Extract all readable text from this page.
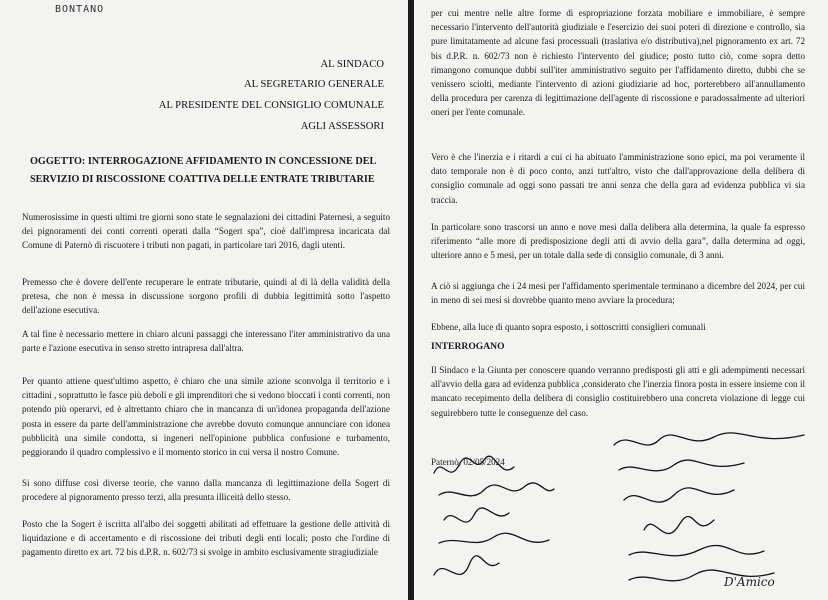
BONTANO
AL SINDACO
AL SEGRETARIO GENERALE
AL PRESIDENTE DEL CONSIGLIO COMUNALE
AGLI ASSESSORI
OGGETTO: INTERROGAZIONE AFFIDAMENTO IN CONCESSIONE DEL SERVIZIO DI RISCOSSIONE COATTIVA DELLE ENTRATE TRIBUTARIE

Numerosissime in questi ultimi tre giorni sono state le segnalazioni dei cittadini Paternesi, a seguito dei pignoramenti dei conti correnti operati dalla “Sogert spa”, cioè dall'impresa incaricata dal Comune di Paternò di riscuotere i tributi non pagati, in particolare tari 2016, dagli utenti.

Premesso che è dovere dell'ente recuperare le entrate tributarie, quindi al di là della validità della pretesa, che non è messa in discussione sorgono profili di dubbia legittimità sotto l'aspetto dell'azione esecutiva.

A tal fine è necessario mettere in chiaro alcuni passaggi che interessano l'iter amministrativo da una parte e l'azione esecutiva in senso stretto intrapresa dall'altra.

Per quanto attiene quest'ultimo aspetto, è chiaro che una simile azione sconvolga il territorio e i cittadini , soprattutto le fasce più deboli e gli imprenditori che si vedono bloccati i conti correnti, non potendo più operarvi, ed è altrettanto chiaro che in mancanza di un'idonea propaganda dell'azione posta in essere da parte dell'amministrazione che avrebbe dovuto comunque annunciare con idonea pubblicità una simile condotta, si ingeneri nell'opinione pubblica confusione e turbamento, peggiorando il quadro complessivo e il momento storico in cui versa il nostro Comune.

Si sono diffuse così diverse teorie, che vanno dalla mancanza di legittimazione della Sogert di procedere al pignoramento presso terzi, alla presunta illiceità dello stesso.

Posto che la Sogert è iscritta all'albo dei soggetti abilitati ad effettuare la gestione delle attività di liquidazione e di accertamento e di riscossione dei tributi degli enti locali; posto che l'ordine di pagamento diretto ex art. 72 bis d.P.R. n. 602/73 si svolge in ambito esclusivamente stragiudiziale

per cui mentre nelle altre forme di espropriazione forzata mobiliare e immobiliare, è sempre necessario l'intervento dell'autorità giudiziale e l'esercizio dei suoi poteri di direzione e controllo, sia pure limitatamente ad alcune fasi processuali (traslativa e/o distributiva),nel pignoramento ex art. 72 bis d.P.R. n. 602/73 non è richiesto l'intervento del giudice; posto tutto ciò, come sopra detto rimangono comunque dubbi sull'iter amministrativo seguito per l'affidamento diretto, dubbi che se venissero sciolti, mediante l'intervento di azioni giudiziarie ad hoc, porterebbero all'annullamento della procedura per carenza di legittimazione dell'agente di riscossione e paradossalmente ad ulteriori oneri per l'ente comunale.

Vero è che l'inerzia e i ritardi a cui ci ha abituato l'amministrazione sono epici, ma poi veramente il dato temporale non è di poco conto, anzi tutt'altro, visto che dall'approvazione della delibera di consiglio comunale ad oggi sono passati tre anni senza che della gara ad evidenza pubblica vi sia traccia.

In particolare sono trascorsi un anno e nove mesi dalla delibera alla determina, la quale fa espresso riferimento “alle more di predisposizione degli atti di avvio della gara”, dalla determina ad oggi, ulteriore anno e 5 mesi, per un totale dalla sede di consiglio comunale, di 3 anni.

A ciò si aggiunga che i 24 mesi per l'affidamento sperimentale terminano a dicembre del 2024, per cui in meno di sei mesi si dovrebbe quanto meno avviare la procedura;

Ebbene, alla luce di quanto sopra esposto, i sottoscritti consiglieri comunali

INTERROGANO

Il Sindaco e la Giunta per conoscere quando verranno predisposti gli atti e gli adempimenti necessari all'avvio della gara ad evidenza pubblica ,considerato che l'inerzia finora posta in essere insieme con il mancato recepimento della delibera di consiglio costituirebbero una concreta violazione di legge cui seguirebbero tutte le conseguenze del caso.

Paternò, 02/05/2024
D'Amico
